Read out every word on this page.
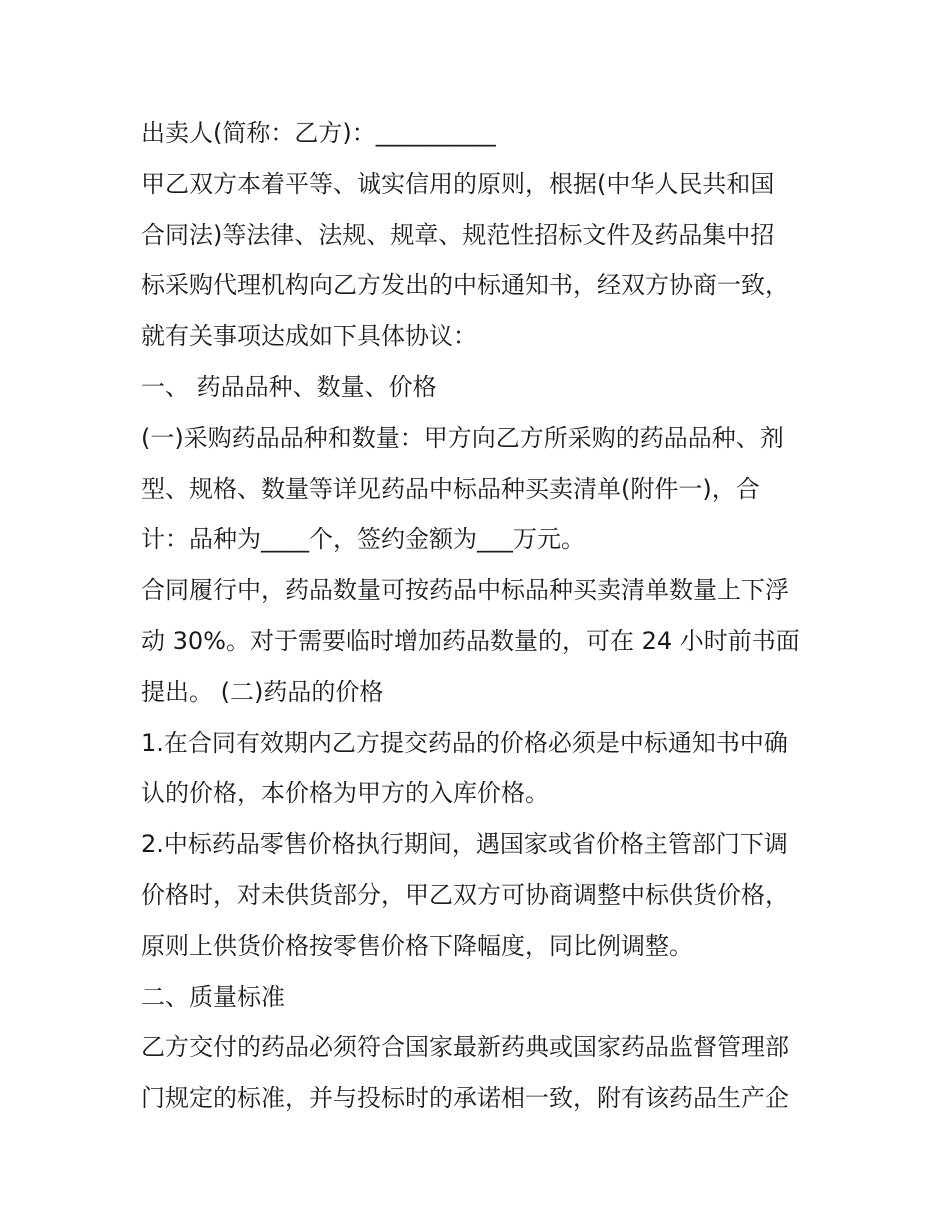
出卖人(简称：乙方)：__________
甲乙双方本着平等、诚实信用的原则，根据(中华人民共和国
合同法)等法律、法规、规章、规范性招标文件及药品集中招
标采购代理机构向乙方发出的中标通知书，经双方协商一致，
就有关事项达成如下具体协议：
一、 药品品种、数量、价格
(一)采购药品品种和数量：甲方向乙方所采购的药品品种、剂
型、规格、数量等详见药品中标品种买卖清单(附件一)，合
计：品种为____个，签约金额为___万元。
合同履行中，药品数量可按药品中标品种买卖清单数量上下浮
动 30%。对于需要临时增加药品数量的，可在 24 小时前书面
提出。 (二)药品的价格
1.在合同有效期内乙方提交药品的价格必须是中标通知书中确
认的价格，本价格为甲方的入库价格。
2.中标药品零售价格执行期间，遇国家或省价格主管部门下调
价格时，对未供货部分，甲乙双方可协商调整中标供货价格，
原则上供货价格按零售价格下降幅度，同比例调整。
二、质量标准
乙方交付的药品必须符合国家最新药典或国家药品监督管理部
门规定的标准，并与投标时的承诺相一致，附有该药品生产企
